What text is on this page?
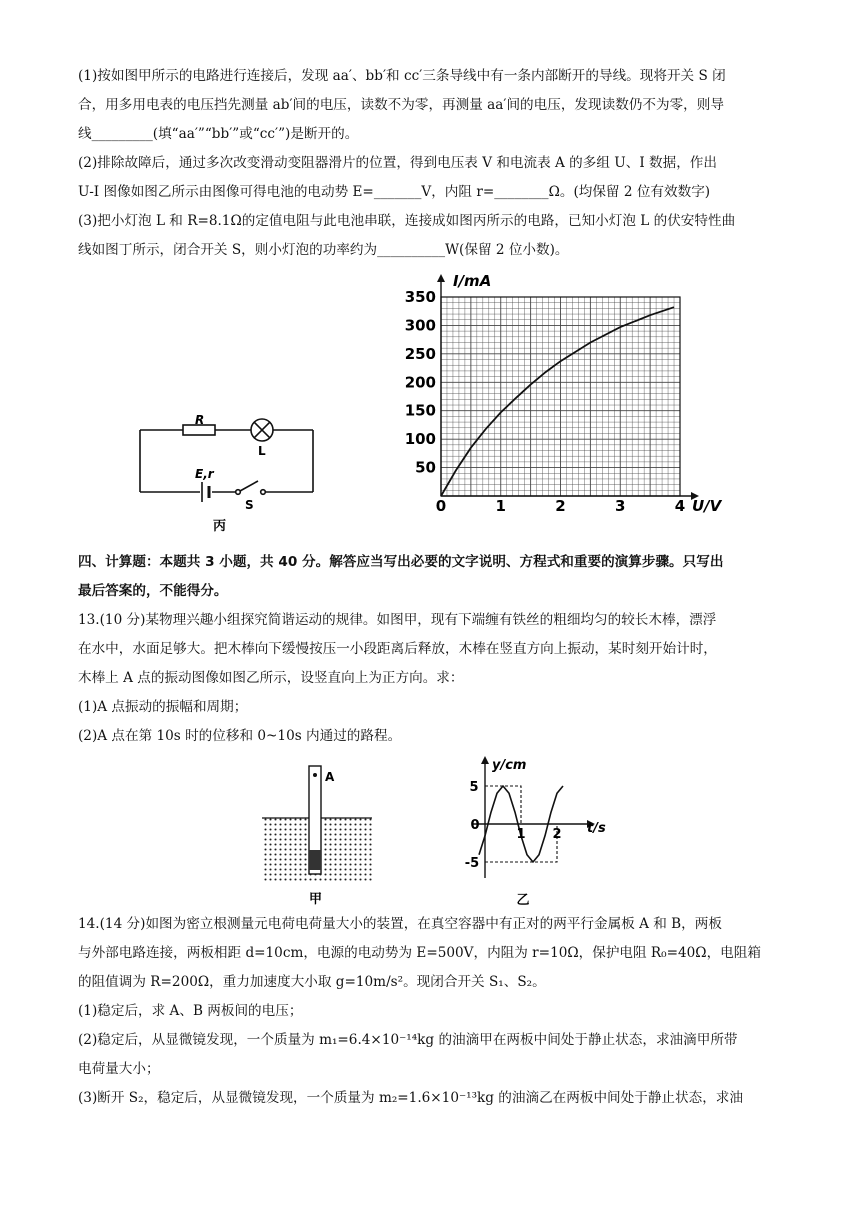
(1)按如图甲所示的电路进行连接后，发现 aa′、bb′和 cc′三条导线中有一条内部断开的导线。现将开关 S 闭
合，用多用电表的电压挡先测量 ab′间的电压，读数不为零，再测量 aa′间的电压，发现读数仍不为零，则导
线_________(填“aa′”“bb′”或“cc′”)是断开的。
(2)排除故障后，通过多次改变滑动变阻器滑片的位置，得到电压表 V 和电流表 A 的多组 U、I 数据，作出
U-I 图像如图乙所示由图像可得电池的电动势 E=_______V，内阻 r=________Ω。(均保留 2 位有效数字)
(3)把小灯泡 L 和 R=8.1Ω的定值电阻与此电池串联，连接成如图丙所示的电路，已知小灯泡 L 的伏安特性曲
线如图丁所示，闭合开关 S，则小灯泡的功率约为__________W(保留 2 位小数)。
R
L
E,r
S
丙
50
100
150
200
250
300
350
0	1	2	3	4
I/mA
U/V
四、计算题：本题共 3 小题，共 40 分。解答应当写出必要的文字说明、方程式和重要的演算步骤。只写出
最后答案的，不能得分。
13.(10 分)某物理兴趣小组探究简谐运动的规律。如图甲，现有下端缠有铁丝的粗细均匀的较长木棒，漂浮
在水中，水面足够大。把木棒向下缓慢按压一小段距离后释放，木棒在竖直方向上振动，某时刻开始计时，
木棒上 A 点的振动图像如图乙所示，设竖直向上为正方向。求：
(1)A 点振动的振幅和周期；
(2)A 点在第 10s 时的位移和 0~10s 内通过的路程。
A
甲
5
-5
0
1 2
y/cm
t/s
乙
14.(14 分)如图为密立根测量元电荷电荷量大小的装置，在真空容器中有正对的两平行金属板 A 和 B，两板
与外部电路连接，两板相距 d=10cm，电源的电动势为 E=500V，内阻为 r=10Ω，保护电阻 R₀=40Ω，电阻箱
的阻值调为 R=200Ω，重力加速度大小取 g=10m/s²。现闭合开关 S₁、S₂。
(1)稳定后，求 A、B 两板间的电压；
(2)稳定后，从显微镜发现，一个质量为 m₁=6.4×10⁻¹⁴kg 的油滴甲在两板中间处于静止状态，求油滴甲所带
电荷量大小；
(3)断开 S₂，稳定后，从显微镜发现，一个质量为 m₂=1.6×10⁻¹³kg 的油滴乙在两板中间处于静止状态，求油
